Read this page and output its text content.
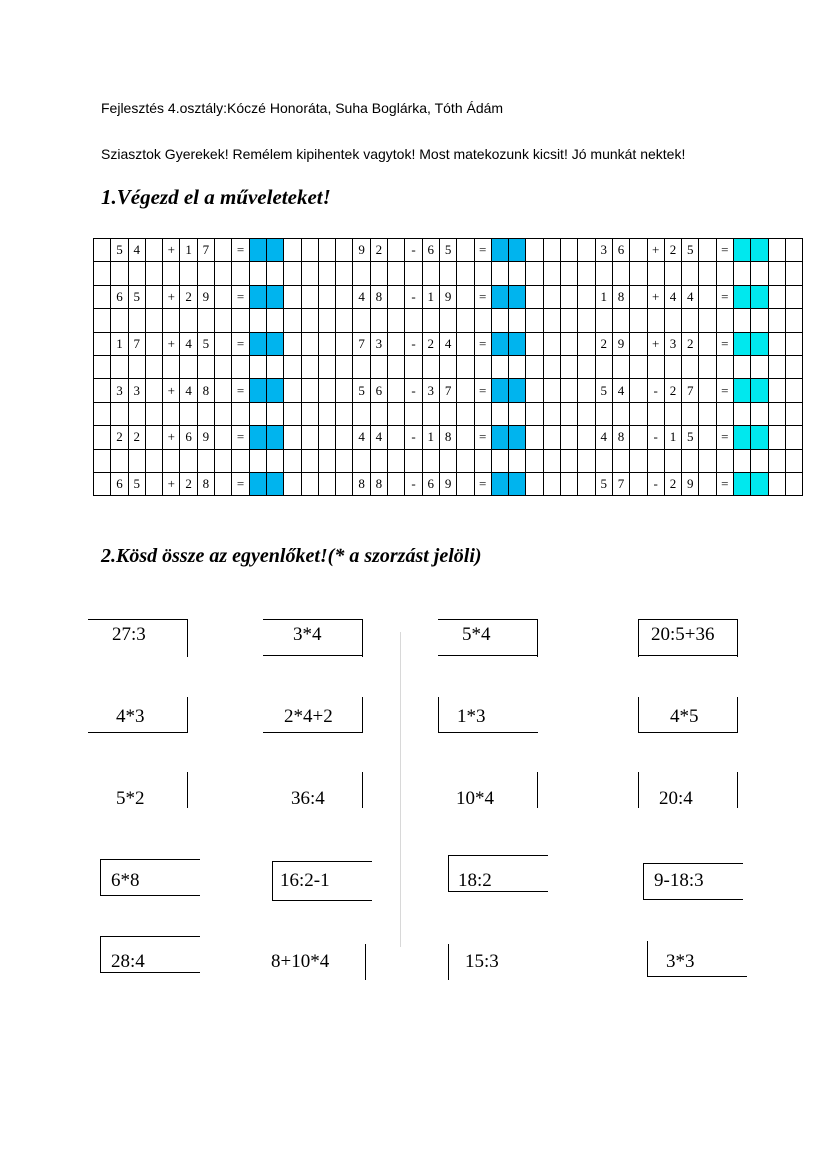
Fejlesztés 4.osztály:Kóczé Honoráta, Suha Boglárka, Tóth Ádám
Sziasztok Gyerekek! Remélem kipihentek vagytok! Most matekozunk kicsit! Jó munkát nektek!
1.Végezd el a műveleteket!
	5	4		+	1	7		=							9	2		-	6	5		=							3	6		+	2	5		=				

	6	5		+	2	9		=							4	8		-	1	9		=							1	8		+	4	4		=				

	1	7		+	4	5		=							7	3		-	2	4		=							2	9		+	3	2		=				

	3	3		+	4	8		=							5	6		-	3	7		=							5	4		-	2	7		=				

	2	2		+	6	9		=							4	4		-	1	8		=							4	8		-	1	5		=				

	6	5		+	2	8		=							8	8		-	6	9		=							5	7		-	2	9		=				
2.Kösd össze az egyenlőket!(* a szorzást jelöli)
27:3	3*4	5*4	20:5+36
4*3	2*4+2	1*3	4*5
5*2	36:4	10*4	20:4
6*8	16:2-1	18:2	9-18:3
28:4	8+10*4	15:3	3*3
